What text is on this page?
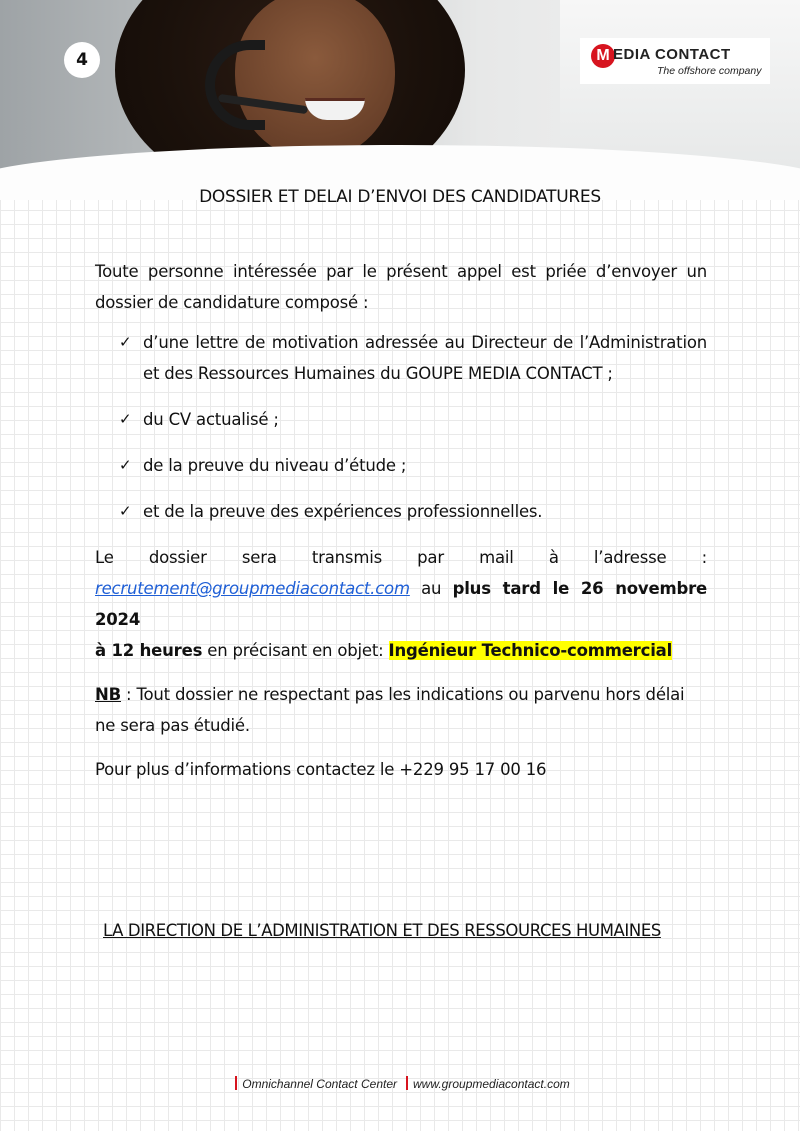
4	M EDIA CONTACT
The offshore company
DOSSIER ET DELAI D’ENVOI DES CANDIDATURES
Toute personne intéressée par le présent appel est priée d’envoyer un
dossier de candidature composé :
✓ d’une lettre de motivation adressée au Directeur de l’Administration
et des Ressources Humaines du GOUPE MEDIA CONTACT ;
✓ du CV actualisé ;
✓ de la preuve du niveau d’étude ;
✓ et de la preuve des expériences professionnelles.
Le dossier sera transmis par mail à l’adresse :
recrutement@groupmediacontact.com au plus tard le 26 novembre 2024
à 12 heures en précisant en objet: Ingénieur Technico-commercial
NB : Tout dossier ne respectant pas les indications ou parvenu hors délai
ne sera pas étudié.
Pour plus d’informations contactez le +229 95 17 00 16
LA DIRECTION DE L’ADMINISTRATION ET DES RESSOURCES HUMAINES
Omnichannel Contact Center www.groupmediacontact.com
